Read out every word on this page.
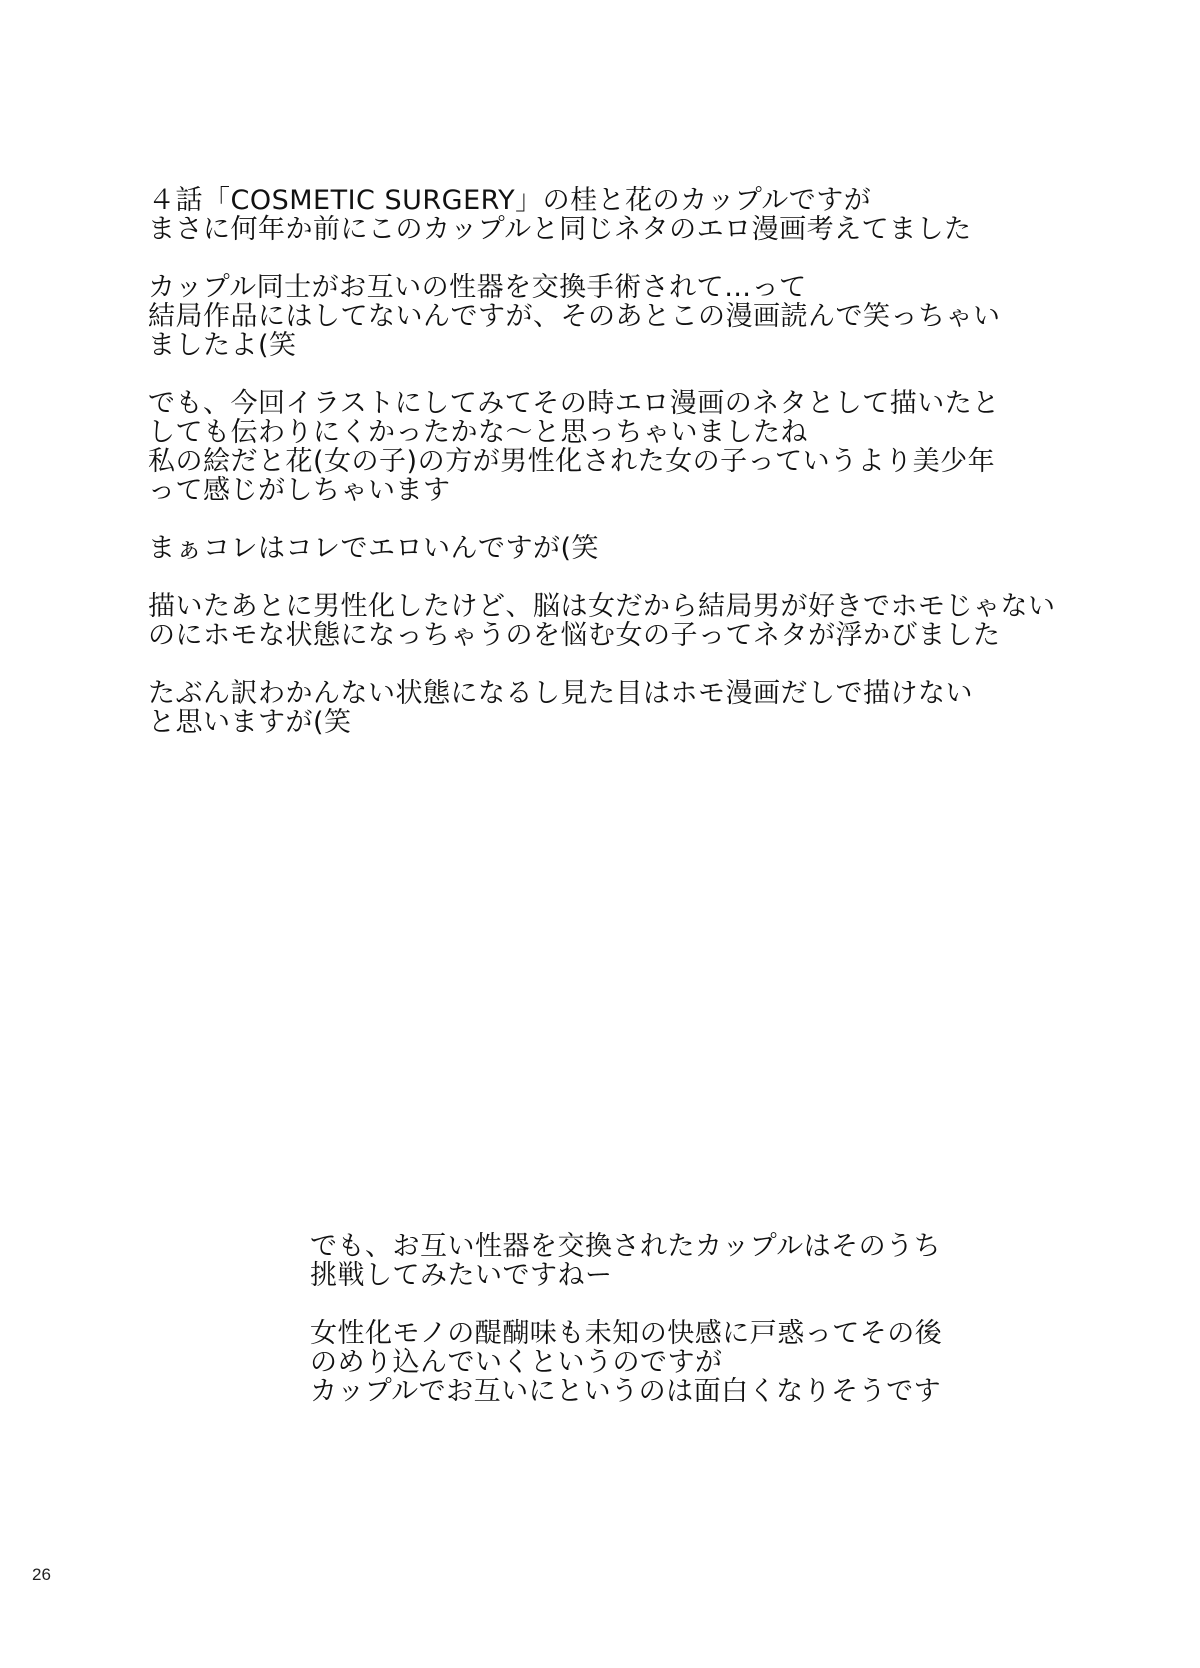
４話「COSMETIC SURGERY」の桂と花のカップルですが
まさに何年か前にこのカップルと同じネタのエロ漫画考えてました
カップル同士がお互いの性器を交換手術されて…って
結局作品にはしてないんですが、そのあとこの漫画読んで笑っちゃい
ましたよ(笑
でも、今回イラストにしてみてその時エロ漫画のネタとして描いたと
しても伝わりにくかったかな～と思っちゃいましたね
私の絵だと花(女の子)の方が男性化された女の子っていうより美少年
って感じがしちゃいます
まぁコレはコレでエロいんですが(笑
描いたあとに男性化したけど、脳は女だから結局男が好きでホモじゃない
のにホモな状態になっちゃうのを悩む女の子ってネタが浮かびました
たぶん訳わかんない状態になるし見た目はホモ漫画だしで描けない
と思いますが(笑
でも、お互い性器を交換されたカップルはそのうち
挑戦してみたいですねー
女性化モノの醍醐味も未知の快感に戸惑ってその後
のめり込んでいくというのですが
カップルでお互いにというのは面白くなりそうです
26
